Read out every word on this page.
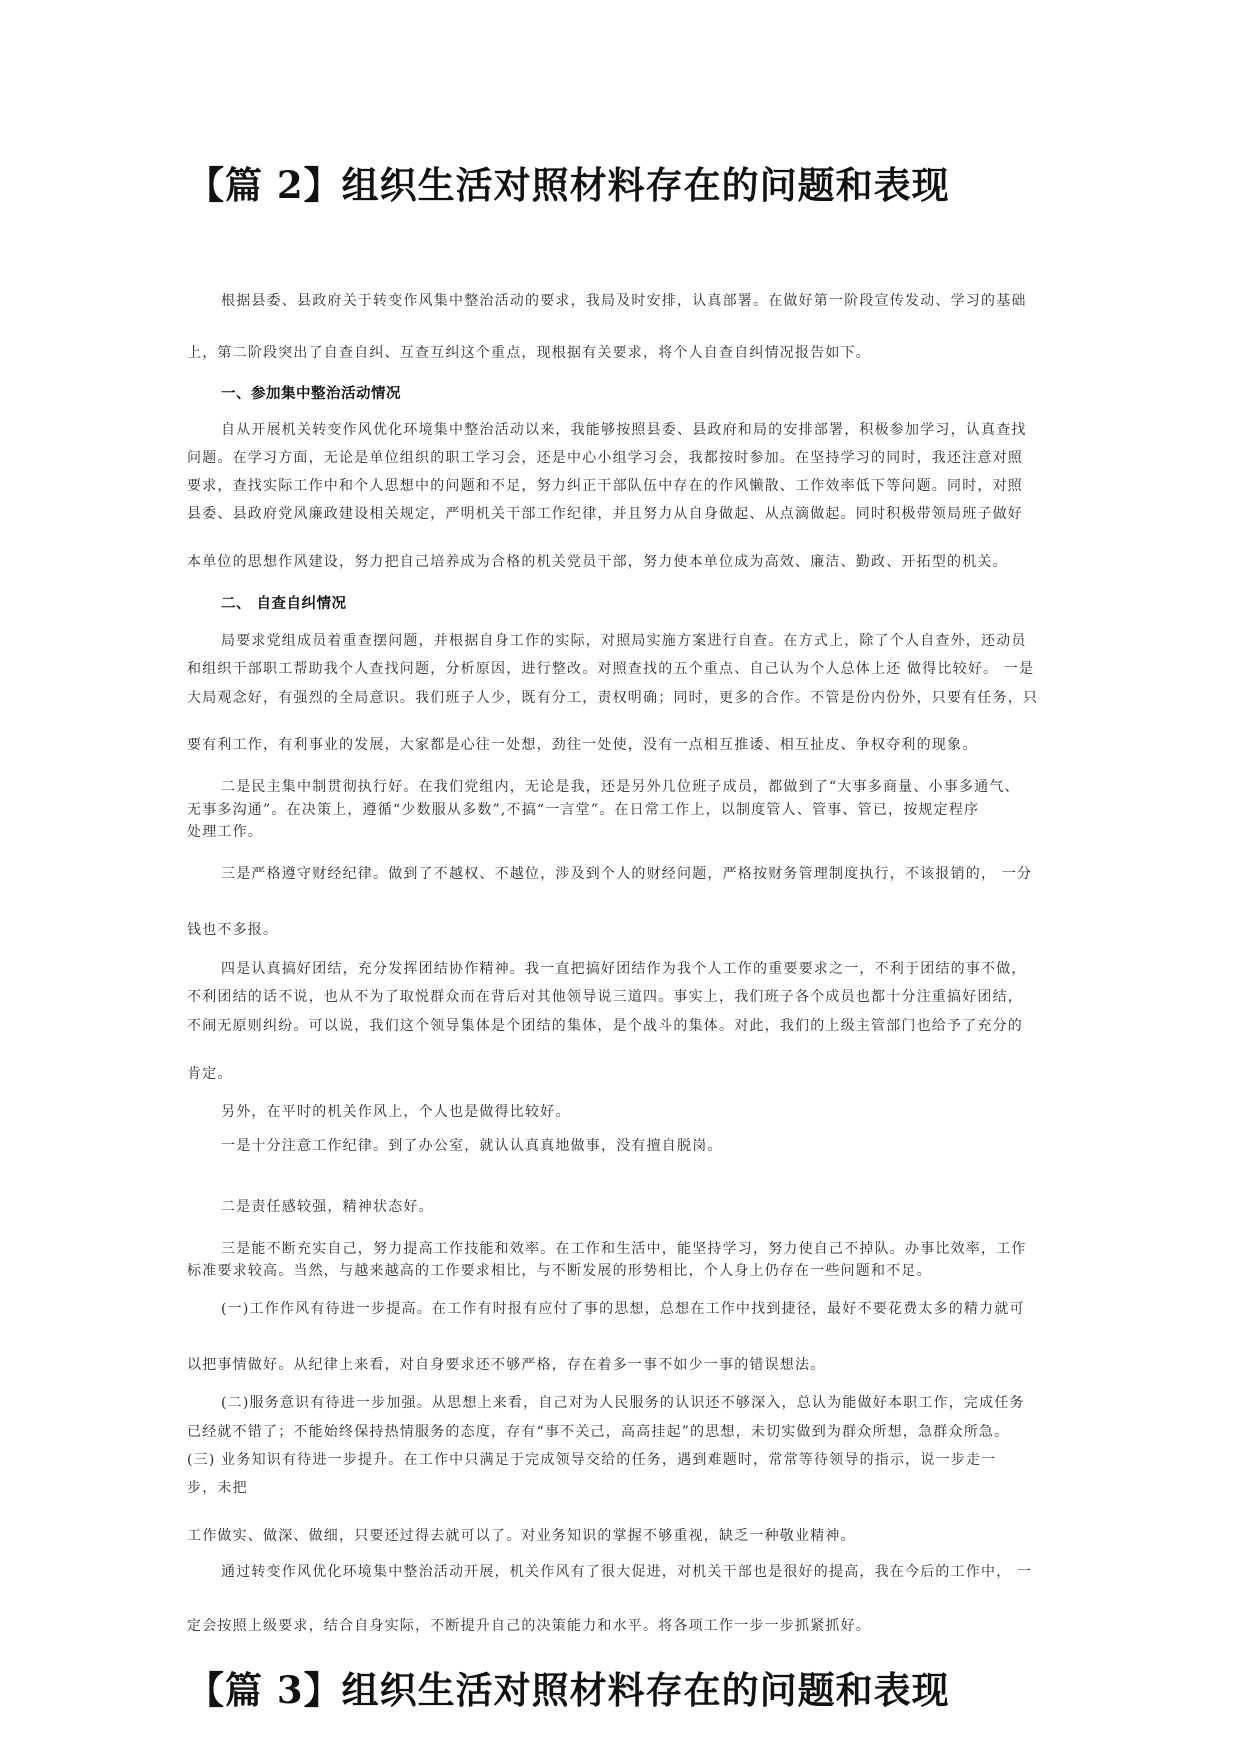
【篇 2】组织生活对照材料存在的问题和表现

根据县委、县政府关于转变作风集中整治活动的要求，我局及时安排，认真部署。在做好第一阶段宣传发动、学习的基础

上，第二阶段突出了自查自纠、互查互纠这个重点，现根据有关要求，将个人自查自纠情况报告如下。

一、参加集中整治活动情况

自从开展机关转变作风优化环境集中整治活动以来，我能够按照县委、县政府和局的安排部署，积极参加学习，认真查找

问题。在学习方面，无论是单位组织的职工学习会，还是中心小组学习会，我都按时参加。在坚持学习的同时，我还注意对照

要求，查找实际工作中和个人思想中的问题和不足，努力纠正干部队伍中存在的作风懒散、工作效率低下等问题。同时，对照

县委、县政府党风廉政建设相关规定，严明机关干部工作纪律，并且努力从自身做起、从点滴做起。同时积极带领局班子做好

本单位的思想作风建设，努力把自己培养成为合格的机关党员干部，努力使本单位成为高效、廉洁、勤政、开拓型的机关。

二、 自查自纠情况

局要求党组成员着重查摆问题，并根据自身工作的实际，对照局实施方案进行自查。在方式上，除了个人自查外，还动员

和组织干部职工帮助我个人查找问题，分析原因，进行整改。对照查找的五个重点、自己认为个人总体上还 做得比较好。 一是

大局观念好，有强烈的全局意识。我们班子人少，既有分工，责权明确；同时，更多的合作。不管是份内份外，只要有任务，只

要有利工作，有利事业的发展，大家都是心往一处想，劲往一处使，没有一点相互推诿、相互扯皮、争权夺利的现象。

二是民主集中制贯彻执行好。在我们党组内，无论是我，还是另外几位班子成员，都做到了“大事多商量、小事多通气、

无事多沟通”。在决策上，遵循“少数服从多数”,不搞“一言堂”。在日常工作上，以制度管人、管事、管已，按规定程序

处理工作。

三是严格遵守财经纪律。做到了不越权、不越位，涉及到个人的财经问题，严格按财务管理制度执行，不该报销的， 一分

钱也不多报。

四是认真搞好团结，充分发挥团结协作精神。我一直把搞好团结作为我个人工作的重要要求之一，不利于团结的事不做，

不利团结的话不说，也从不为了取悦群众而在背后对其他领导说三道四。事实上，我们班子各个成员也都十分注重搞好团结，

不闹无原则纠纷。可以说，我们这个领导集体是个团结的集体，是个战斗的集体。对此，我们的上级主管部门也给予了充分的

肯定。

另外，在平时的机关作风上，个人也是做得比较好。

一是十分注意工作纪律。到了办公室，就认认真真地做事，没有擅自脱岗。

二是责任感较强，精神状态好。

三是能不断充实自己，努力提高工作技能和效率。在工作和生活中，能坚持学习，努力使自己不掉队。办事比效率，工作

标准要求较高。当然，与越来越高的工作要求相比，与不断发展的形势相比，个人身上仍存在一些问题和不足。

(一)工作作风有待进一步提高。在工作有时报有应付了事的思想，总想在工作中找到捷径，最好不要花费太多的精力就可

以把事情做好。从纪律上来看，对自身要求还不够严格，存在着多一事不如少一事的错误想法。

(二)服务意识有待进一步加强。从思想上来看，自己对为人民服务的认识还不够深入，总认为能做好本职工作，完成任务

已经就不错了；不能始终保持热情服务的态度，存有“事不关己，高高挂起”的思想，未切实做到为群众所想，急群众所急。

(三) 业务知识有待进一步提升。在工作中只满足于完成领导交给的任务，遇到难题时，常常等待领导的指示，说一步走一

步，未把

工作做实、做深、做细，只要还过得去就可以了。对业务知识的掌握不够重视，缺乏一种敬业精神。

通过转变作风优化环境集中整治活动开展，机关作风有了很大促进，对机关干部也是很好的提高，我在今后的工作中， 一

定会按照上级要求，结合自身实际，不断提升自己的决策能力和水平。将各项工作一步一步抓紧抓好。

【篇 3】组织生活对照材料存在的问题和表现
